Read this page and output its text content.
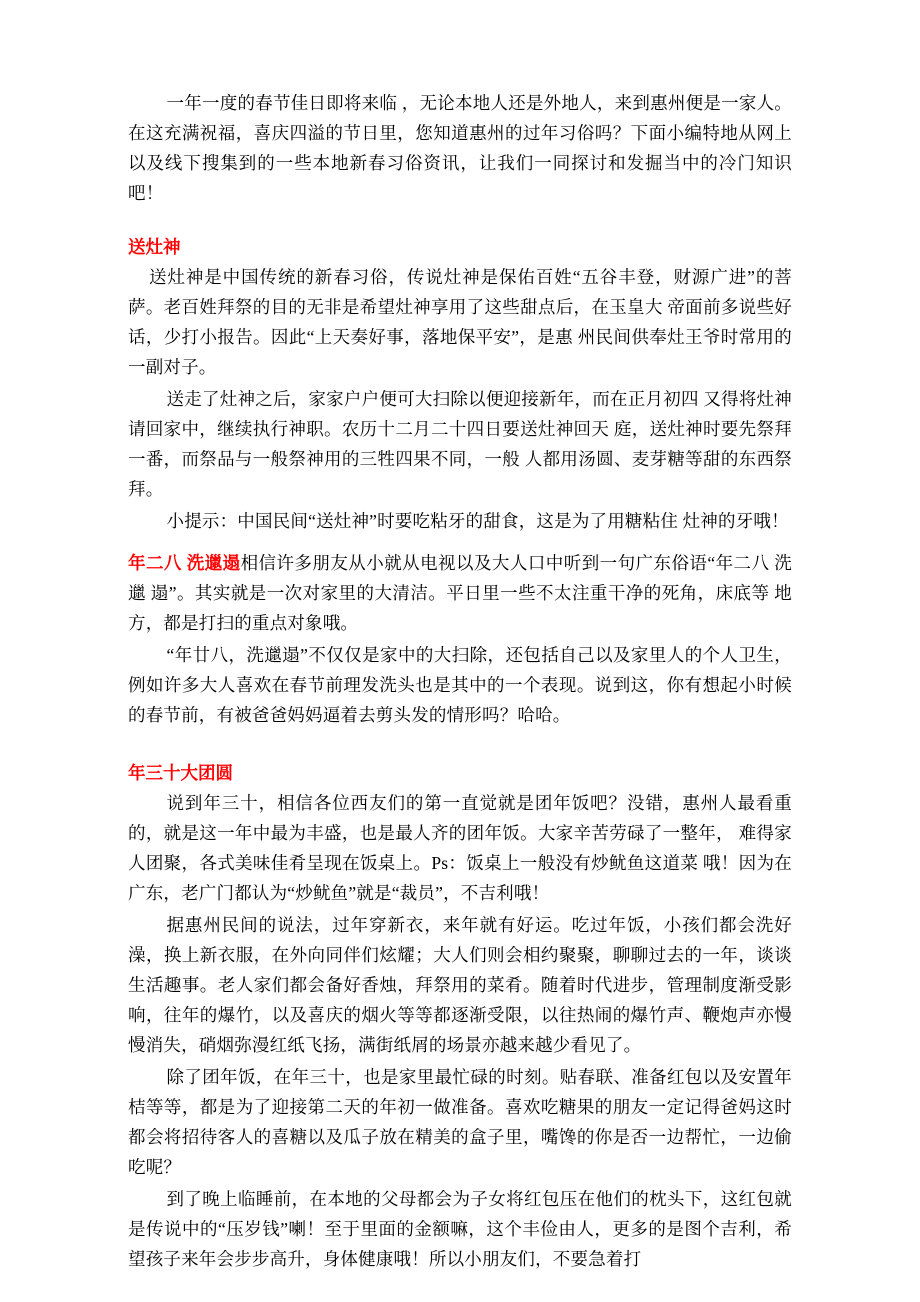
一年一度的春节佳日即将来临 ，无论本地人还是外地人，来到惠州便是一家人。在这充满祝福，喜庆四溢的节日里，您知道惠州的过年习俗吗？下面小编特地从网上以及线下搜集到的一些本地新春习俗资讯，让我们一同探讨和发掘当中的冷门知识吧！

送灶神

送灶神是中国传统的新春习俗，传说灶神是保佑百姓“五谷丰登，财源广进”的菩萨。老百姓拜祭的目的无非是希望灶神享用了这些甜点后，在玉皇大 帝面前多说些好话，少打小报告。因此“上天奏好事，落地保平安”，是惠 州民间供奉灶王爷时常用的一副对子。

送走了灶神之后，家家户户便可大扫除以便迎接新年，而在正月初四 又得将灶神请回家中，继续执行神职。农历十二月二十四日要送灶神回天 庭，送灶神时要先祭拜一番，而祭品与一般祭神用的三牲四果不同，一般 人都用汤圆、麦芽糖等甜的东西祭拜。

小提示：中国民间“送灶神”时要吃粘牙的甜食，这是为了用糖粘住 灶神的牙哦！

年二八 洗邋遢相信许多朋友从小就从电视以及大人口中听到一句广东俗语“年二八 洗邋 遢”。其实就是一次对家里的大清洁。平日里一些不太注重干净的死角，床底等 地方，都是打扫的重点对象哦。

“年廿八，洗邋遢”不仅仅是家中的大扫除，还包括自己以及家里人的个人卫生，例如许多大人喜欢在春节前理发洗头也是其中的一个表现。说到这，你有想起小时候的春节前，有被爸爸妈妈逼着去剪头发的情形吗？哈哈。

年三十大团圆

说到年三十，相信各位西友们的第一直觉就是团年饭吧？没错，惠州人最看重的，就是这一年中最为丰盛，也是最人齐的团年饭。大家辛苦劳碌了一整年， 难得家人团聚，各式美味佳肴呈现在饭桌上。Ps：饭桌上一般没有炒鱿鱼这道菜 哦！因为在广东，老广门都认为“炒鱿鱼”就是“裁员”，不吉利哦！

据惠州民间的说法，过年穿新衣，来年就有好运。吃过年饭，小孩们都会洗好澡，换上新衣服，在外向同伴们炫耀；大人们则会相约聚聚，聊聊过去的一年，谈谈生活趣事。老人家们都会备好香烛，拜祭用的菜肴。随着时代进步，管理制度渐受影响，往年的爆竹，以及喜庆的烟火等等都逐渐受限，以往热闹的爆竹声、鞭炮声亦慢慢消失，硝烟弥漫红纸飞扬，满街纸屑的场景亦越来越少看见了。

除了团年饭，在年三十，也是家里最忙碌的时刻。贴春联、准备红包以及安置年桔等等，都是为了迎接第二天的年初一做准备。喜欢吃糖果的朋友一定记得爸妈这时都会将招待客人的喜糖以及瓜子放在精美的盒子里，嘴馋的你是否一边帮忙，一边偷吃呢？

到了晚上临睡前，在本地的父母都会为子女将红包压在他们的枕头下，这红包就是传说中的“压岁钱”喇！至于里面的金额嘛，这个丰俭由人，更多的是图个吉利，希望孩子来年会步步高升，身体健康哦！所以小朋友们，不要急着打
